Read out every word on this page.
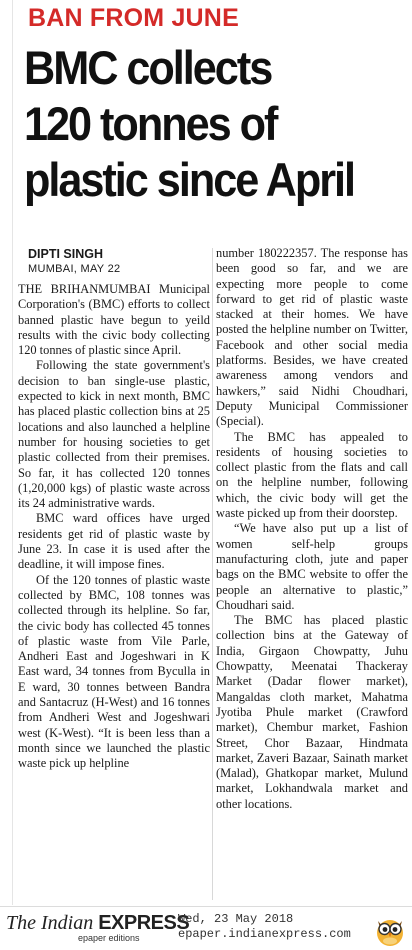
BAN FROM JUNE
BMC collects
120 tonnes of
plastic since April
DIPTI SINGH
MUMBAI, MAY 22

THE BRIHANMUMBAI Municipal Corporation's (BMC) efforts to collect banned plastic have begun to yeild results with the civic body collecting 120 tonnes of plastic since April.

Following the state government's decision to ban single-use plastic, expected to kick in next month, BMC has placed plastic collection bins at 25 locations and also launched a helpline number for housing societies to get plastic collected from their premises. So far, it has collected 120 tonnes (1,20,000 kgs) of plastic waste across its 24 administrative wards.

BMC ward offices have urged residents get rid of plastic waste by June 23. In case it is used after the deadline, it will impose fines.

Of the 120 tonnes of plastic waste collected by BMC, 108 tonnes was collected through its helpline. So far, the civic body has collected 45 tonnes of plastic waste from Vile Parle, Andheri East and Jogeshwari in K East ward, 34 tonnes from Byculla in E ward, 30 tonnes between Bandra and Santacruz (H-West) and 16 tonnes from Andheri West and Jogeshwari west (K-West). “It is been less than a month since we launched the plastic waste pick up helpline

number 180222357. The response has been good so far, and we are expecting more people to come forward to get rid of plastic waste stacked at their homes. We have posted the helpline number on Twitter, Facebook and other social media platforms. Besides, we have created awareness among vendors and hawkers,” said Nidhi Choudhari, Deputy Municipal Commissioner (Special).

The BMC has appealed to residents of housing societies to collect plastic from the flats and call on the helpline number, following which, the civic body will get the waste picked up from their doorstep.

“We have also put up a list of women self-help groups manufacturing cloth, jute and paper bags on the BMC website to offer the people an alternative to plastic,” Choudhari said.

The BMC has placed plastic collection bins at the Gateway of India, Girgaon Chowpatty, Juhu Chowpatty, Meenatai Thackeray Market (Dadar flower market), Mangaldas cloth market, Mahatma Jyotiba Phule market (Crawford market), Chembur market, Fashion Street, Chor Bazaar, Hindmata market, Zaveri Bazaar, Sainath market (Malad), Ghatkopar market, Mulund market, Lokhandwala market and other locations.

The Indian EXPRESS
epaper editions
Wed, 23 May 2018
epaper.indianexpress.com
